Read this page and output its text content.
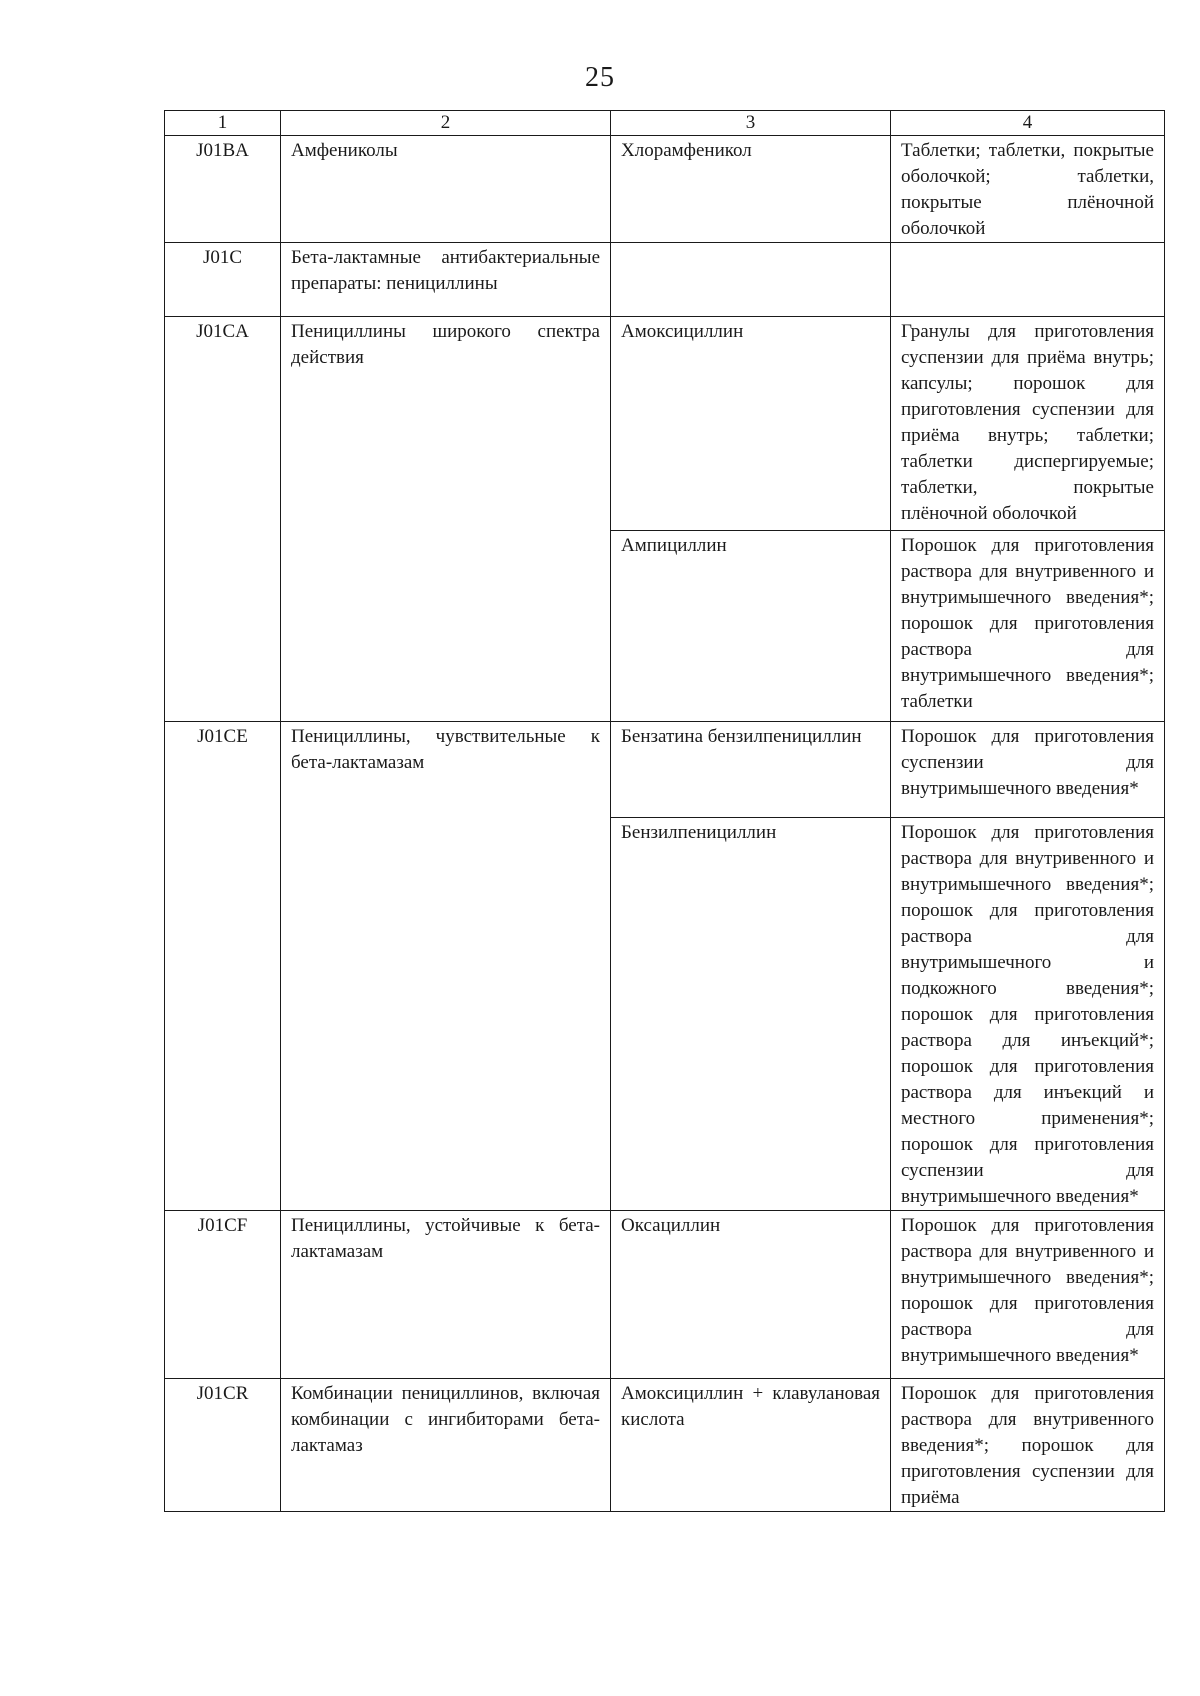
25
1	2	3	4
J01BA	Амфениколы	Хлорамфеникол	Таблетки; таблетки, покрытые оболочкой; таблетки, покрытые плёночной оболочкой
J01C	Бета-лактамные антибактериальные препараты: пенициллины		
J01CA	Пенициллины широкого спектра действия	Амоксициллин	Гранулы для приготовления суспензии для приёма внутрь; капсулы; порошок для приготовления суспензии для приёма внутрь; таблетки; таблетки диспергируемые; таблетки, покрытые плёночной оболочкой
		Ампициллин	Порошок для приготовления раствора для внутривенного и внутримышечного введения*; порошок для приготовления раствора для внутримышечного введения*; таблетки
J01CE	Пенициллины, чувствительные к бета-лактамазам	Бензатина бензилпенициллин	Порошок для приготовления суспензии для внутримышечного введения*
		Бензилпенициллин	Порошок для приготовления раствора для внутривенного и внутримышечного введения*; порошок для приготовления раствора для внутримышечного и подкожного введения*; порошок для приготовления раствора для инъекций*; порошок для приготовления раствора для инъекций и местного применения*; порошок для приготовления суспензии для внутримышечного введения*
J01CF	Пенициллины, устойчивые к бета-лактамазам	Оксациллин	Порошок для приготовления раствора для внутривенного и внутримышечного введения*; порошок для приготовления раствора для внутримышечного введения*
J01CR	Комбинации пенициллинов, включая комбинации с ингибиторами бета-лактамаз	Амоксициллин + клавулановая кислота	Порошок для приготовления раствора для внутривенного введения*; порошок для приготовления суспензии для приёма
